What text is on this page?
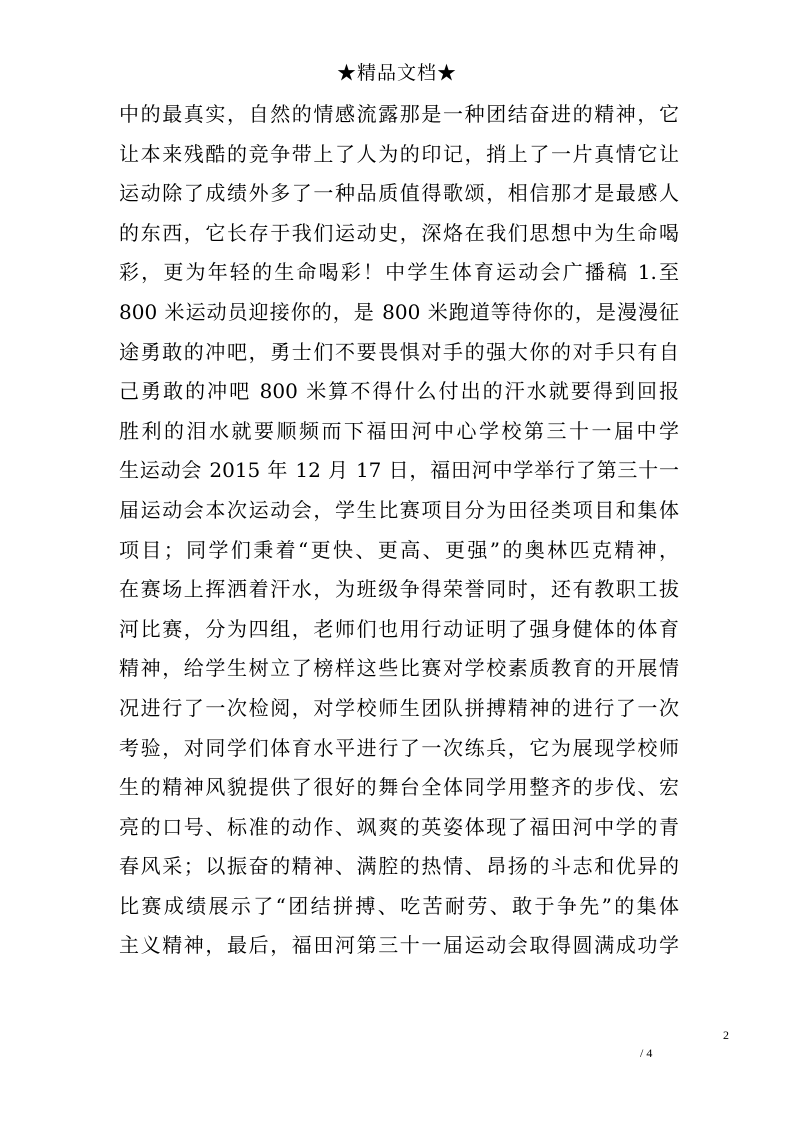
★精品文档★
中的最真实，自然的情感流露那是一种团结奋进的精神，它
让本来残酷的竞争带上了人为的印记，捎上了一片真情它让
运动除了成绩外多了一种品质值得歌颂，相信那才是最感人
的东西，它长存于我们运动史，深烙在我们思想中为生命喝
彩，更为年轻的生命喝彩！中学生体育运动会广播稿 1.至
800 米运动员迎接你的，是 800 米跑道等待你的，是漫漫征
途勇敢的冲吧，勇士们不要畏惧对手的强大你的对手只有自
己勇敢的冲吧 800 米算不得什么付出的汗水就要得到回报
胜利的泪水就要顺频而下福田河中心学校第三十一届中学
生运动会 2015 年 12 月 17 日，福田河中学举行了第三十一
届运动会本次运动会，学生比赛项目分为田径类项目和集体
项目；同学们秉着“更快、更高、更强”的奥林匹克精神，
在赛场上挥洒着汗水，为班级争得荣誉同时，还有教职工拔
河比赛，分为四组，老师们也用行动证明了强身健体的体育
精神，给学生树立了榜样这些比赛对学校素质教育的开展情
况进行了一次检阅，对学校师生团队拼搏精神的进行了一次
考验，对同学们体育水平进行了一次练兵，它为展现学校师
生的精神风貌提供了很好的舞台全体同学用整齐的步伐、宏
亮的口号、标准的动作、飒爽的英姿体现了福田河中学的青
春风采；以振奋的精神、满腔的热情、昂扬的斗志和优异的
比赛成绩展示了“团结拼搏、吃苦耐劳、敢于争先”的集体
主义精神，最后，福田河第三十一届运动会取得圆满成功学
2
/ 4
